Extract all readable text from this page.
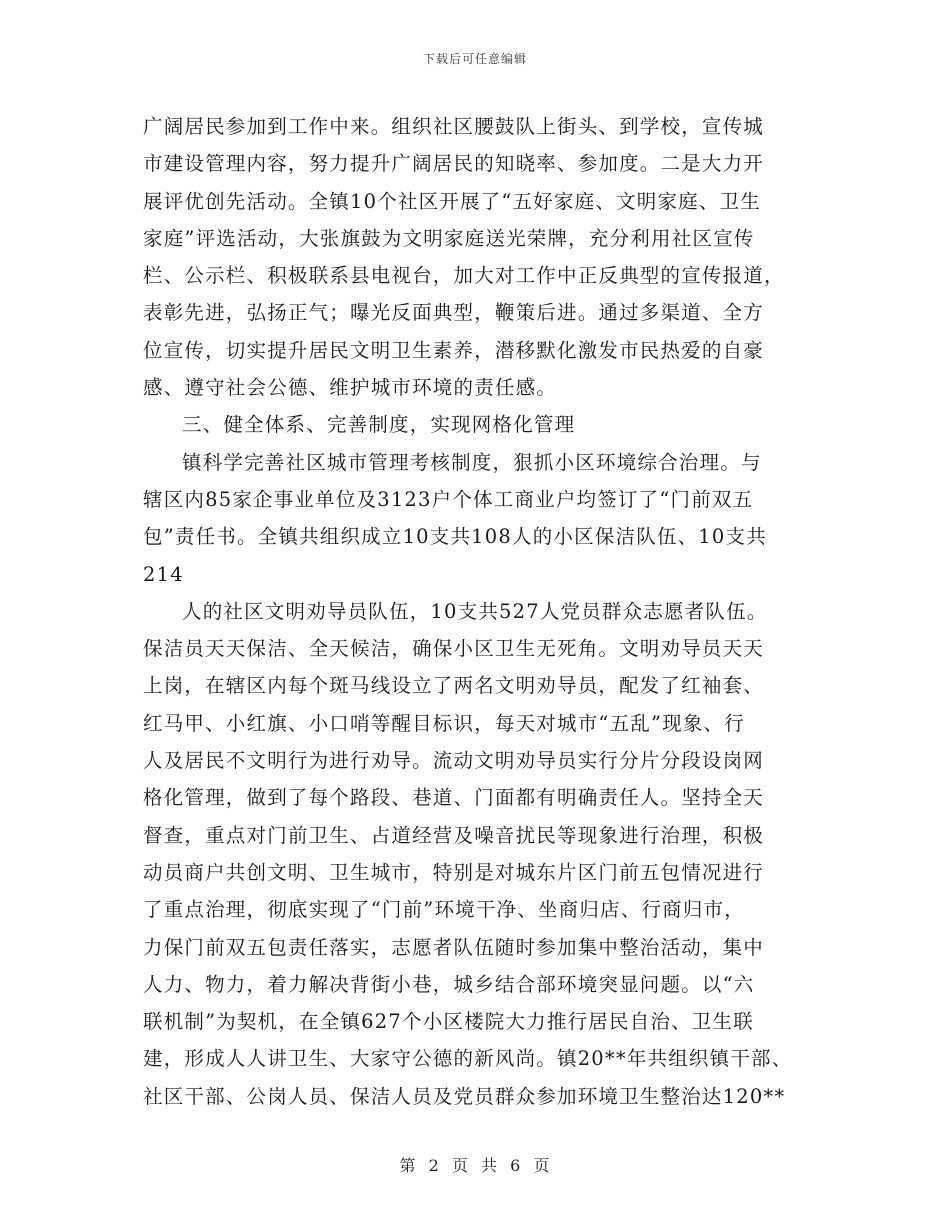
下载后可任意编辑
广阔居民参加到工作中来。组织社区腰鼓队上街头、到学校，宣传城
市建设管理内容，努力提升广阔居民的知晓率、参加度。二是大力开
展评优创先活动。全镇10个社区开展了“五好家庭、文明家庭、卫生
家庭”评选活动，大张旗鼓为文明家庭送光荣牌，充分利用社区宣传
栏、公示栏、积极联系县电视台，加大对工作中正反典型的宣传报道，
表彰先进，弘扬正气；曝光反面典型，鞭策后进。通过多渠道、全方
位宣传，切实提升居民文明卫生素养，潜移默化激发市民热爱的自豪
感、遵守社会公德、维护城市环境的责任感。
三、健全体系、完善制度，实现网格化管理
镇科学完善社区城市管理考核制度，狠抓小区环境综合治理。与
辖区内85家企事业单位及3123户个体工商业户均签订了“门前双五
包”责任书。全镇共组织成立10支共108人的小区保洁队伍、10支共
214
人的社区文明劝导员队伍，10支共527人党员群众志愿者队伍。
保洁员天天保洁、全天候洁，确保小区卫生无死角。文明劝导员天天
上岗，在辖区内每个斑马线设立了两名文明劝导员，配发了红袖套、
红马甲、小红旗、小口哨等醒目标识，每天对城市“五乱”现象、行
人及居民不文明行为进行劝导。流动文明劝导员实行分片分段设岗网
格化管理，做到了每个路段、巷道、门面都有明确责任人。坚持全天
督查，重点对门前卫生、占道经营及噪音扰民等现象进行治理，积极
动员商户共创文明、卫生城市，特别是对城东片区门前五包情况进行
了重点治理，彻底实现了“门前”环境干净、坐商归店、行商归市，
力保门前双五包责任落实，志愿者队伍随时参加集中整治活动，集中
人力、物力，着力解决背街小巷，城乡结合部环境突显问题。以“六
联机制”为契机，在全镇627个小区楼院大力推行居民自治、卫生联
建，形成人人讲卫生、大家守公德的新风尚。镇20**年共组织镇干部、
社区干部、公岗人员、保洁人员及党员群众参加环境卫生整治达120**
第 2 页 共 6 页
